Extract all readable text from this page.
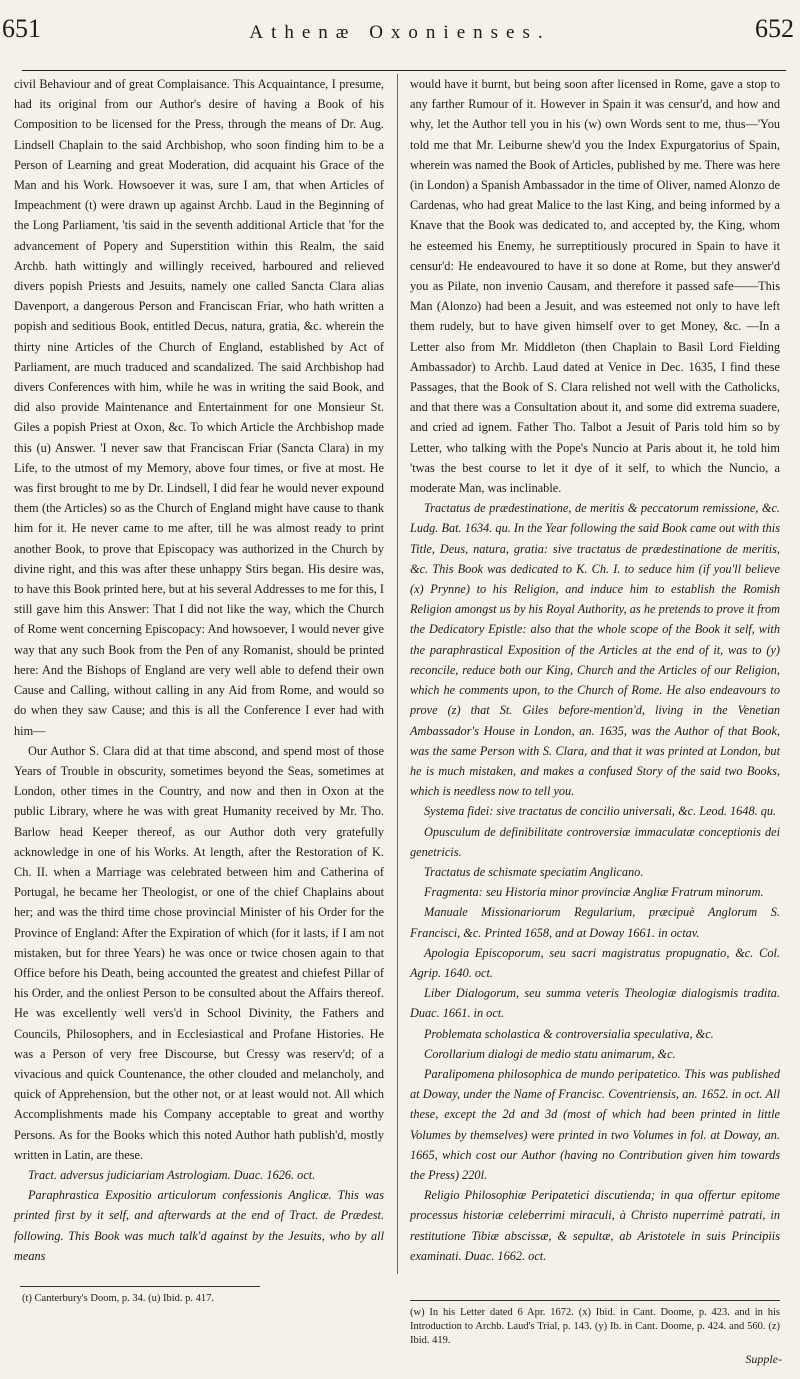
651	Athenæ Oxonienses.	652

civil Behaviour and of great Complaisance. This Acquaintance, I presume, had its original from our Author's desire of having a Book of his Composition to be licensed for the Press, through the means of Dr. Aug. Lindsell Chaplain to the said Archbishop, who soon finding him to be a Person of Learning and great Moderation, did acquaint his Grace of the Man and his Work. Howsoever it was, sure I am, that when Articles of Impeachment (t) were drawn up against Archb. Laud in the Beginning of the Long Parliament, 'tis said in the seventh additional Article that 'for the advancement of Popery and Superstition within this Realm, the said Archb. hath wittingly and willingly received, harboured and relieved divers popish Priests and Jesuits, namely one called Sancta Clara alias Davenport, a dangerous Person and Franciscan Friar, who hath written a popish and seditious Book, entitled Decus, natura, gratia, &c. wherein the thirty nine Articles of the Church of England, established by Act of Parliament, are much traduced and scandalized. The said Archbishop had divers Conferences with him, while he was in writing the said Book, and did also provide Maintenance and Entertainment for one Monsieur St. Giles a popish Priest at Oxon, &c. To which Article the Archbishop made this (u) Answer. 'I never saw that Franciscan Friar (Sancta Clara) in my Life, to the utmost of my Memory, above four times, or five at most. He was first brought to me by Dr. Lindsell, I did fear he would never expound them (the Articles) so as the Church of England might have cause to thank him for it. He never came to me after, till he was almost ready to print another Book, to prove that Episcopacy was authorized in the Church by divine right, and this was after these unhappy Stirs began. His desire was, to have this Book printed here, but at his several Addresses to me for this, I still gave him this Answer: That I did not like the way, which the Church of Rome went concerning Episcopacy: And howsoever, I would never give way that any such Book from the Pen of any Romanist, should be printed here: And the Bishops of England are very well able to defend their own Cause and Calling, without calling in any Aid from Rome, and would so do when they saw Cause; and this is all the Conference I ever had with him—

Our Author S. Clara did at that time abscond, and spend most of those Years of Trouble in obscurity, sometimes beyond the Seas, sometimes at London, other times in the Country, and now and then in Oxon at the public Library, where he was with great Humanity received by Mr. Tho. Barlow head Keeper thereof, as our Author doth very gratefully acknowledge in one of his Works. At length, after the Restoration of K. Ch. II. when a Marriage was celebrated between him and Catherina of Portugal, he became her Theologist, or one of the chief Chaplains about her; and was the third time chose provincial Minister of his Order for the Province of England: After the Expiration of which (for it lasts, if I am not mistaken, but for three Years) he was once or twice chosen again to that Office before his Death, being accounted the greatest and chiefest Pillar of his Order, and the onliest Person to be consulted about the Affairs thereof. He was excellently well vers'd in School Divinity, the Fathers and Councils, Philosophers, and in Ecclesiastical and Profane Histories. He was a Person of very free Discourse, but Cressy was reserv'd; of a vivacious and quick Countenance, the other clouded and melancholy, and quick of Apprehension, but the other not, or at least would not. All which Accomplishments made his Company acceptable to great and worthy Persons. As for the Books which this noted Author hath publish'd, mostly written in Latin, are these.

Tract. adversus judiciariam Astrologiam. Duac. 1626. oct.

Paraphrastica Expositio articulorum confessionis Anglicæ. This was printed first by it self, and afterwards at the end of Tract. de Prædest. following. This Book was much talk'd against by the Jesuits, who by all means

would have it burnt, but being soon after licensed in Rome, gave a stop to any farther Rumour of it. However in Spain it was censur'd, and how and why, let the Author tell you in his (w) own Words sent to me, thus—'You told me that Mr. Leiburne shew'd you the Index Expurgatorius of Spain, wherein was named the Book of Articles, published by me. There was here (in London) a Spanish Ambassador in the time of Oliver, named Alonzo de Cardenas, who had great Malice to the last King, and being informed by a Knave that the Book was dedicated to, and accepted by, the King, whom he esteemed his Enemy, he surreptitiously procured in Spain to have it censur'd: He endeavoured to have it so done at Rome, but they answer'd you as Pilate, non invenio Causam, and therefore it passed safe——This Man (Alonzo) had been a Jesuit, and was esteemed not only to have left them rudely, but to have given himself over to get Money, &c. —In a Letter also from Mr. Middleton (then Chaplain to Basil Lord Fielding Ambassador) to Archb. Laud dated at Venice in Dec. 1635, I find these Passages, that the Book of S. Clara relished not well with the Catholicks, and that there was a Consultation about it, and some did extrema suadere, and cried ad ignem. Father Tho. Talbot a Jesuit of Paris told him so by Letter, who talking with the Pope's Nuncio at Paris about it, he told him 'twas the best course to let it dye of it self, to which the Nuncio, a moderate Man, was inclinable.

Tractatus de prædestinatione, de meritis & peccatorum remissione, &c. Ludg. Bat. 1634. qu. In the Year following the said Book came out with this Title, Deus, natura, gratia: sive tractatus de prædestinatione de meritis, &c. This Book was dedicated to K. Ch. I. to seduce him (if you'll believe (x) Prynne) to his Religion, and induce him to establish the Romish Religion amongst us by his Royal Authority, as he pretends to prove it from the Dedicatory Epistle: also that the whole scope of the Book it self, with the paraphrastical Exposition of the Articles at the end of it, was to (y) reconcile, reduce both our King, Church and the Articles of our Religion, which he comments upon, to the Church of Rome. He also endeavours to prove (z) that St. Giles before-mention'd, living in the Venetian Ambassador's House in London, an. 1635, was the Author of that Book, was the same Person with S. Clara, and that it was printed at London, but he is much mistaken, and makes a confused Story of the said two Books, which is needless now to tell you.

Systema fidei: sive tractatus de concilio universali, &c. Leod. 1648. qu.

Opusculum de definibilitate controversiæ immaculatæ conceptionis dei genetricis.

Tractatus de schismate speciatim Anglicano.

Fragmenta: seu Historia minor provinciæ Angliæ Fratrum minorum.

Manuale Missionariorum Regularium, præcipuè Anglorum S. Francisci, &c. Printed 1658, and at Doway 1661. in octav.

Apologia Episcoporum, seu sacri magistratus propugnatio, &c. Col. Agrip. 1640. oct.

Liber Dialogorum, seu summa veteris Theologiæ dialogismis tradita. Duac. 1661. in oct.

Problemata scholastica & controversialia speculativa, &c.

Corollarium dialogi de medio statu animarum, &c.

Paralipomena philosophica de mundo peripatetico. This was published at Doway, under the Name of Francisc. Coventriensis, an. 1652. in oct. All these, except the 2d and 3d (most of which had been printed in little Volumes by themselves) were printed in two Volumes in fol. at Doway, an. 1665, which cost our Author (having no Contribution given him towards the Press) 220l.

Religio Philosophiæ Peripatetici discutienda; in qua offertur epitome processus historiæ celeberrimi miraculi, à Christo nuperrimè patrati, in restitutione Tibiæ abscissæ, & sepultæ, ab Aristotele in suis Principiis examinati. Duac. 1662. oct.

(t) Canterbury's Doom, p. 34. (u) Ibid. p. 417.
(w) In his Letter dated 6 Apr. 1672. (x) Ibid. in Cant. Doome, p. 423. and in his Introduction to Archb. Laud's Trial, p. 143. (y) Ib. in Cant. Doome, p. 424. and 560. (z) Ibid. 419.
Supple-
